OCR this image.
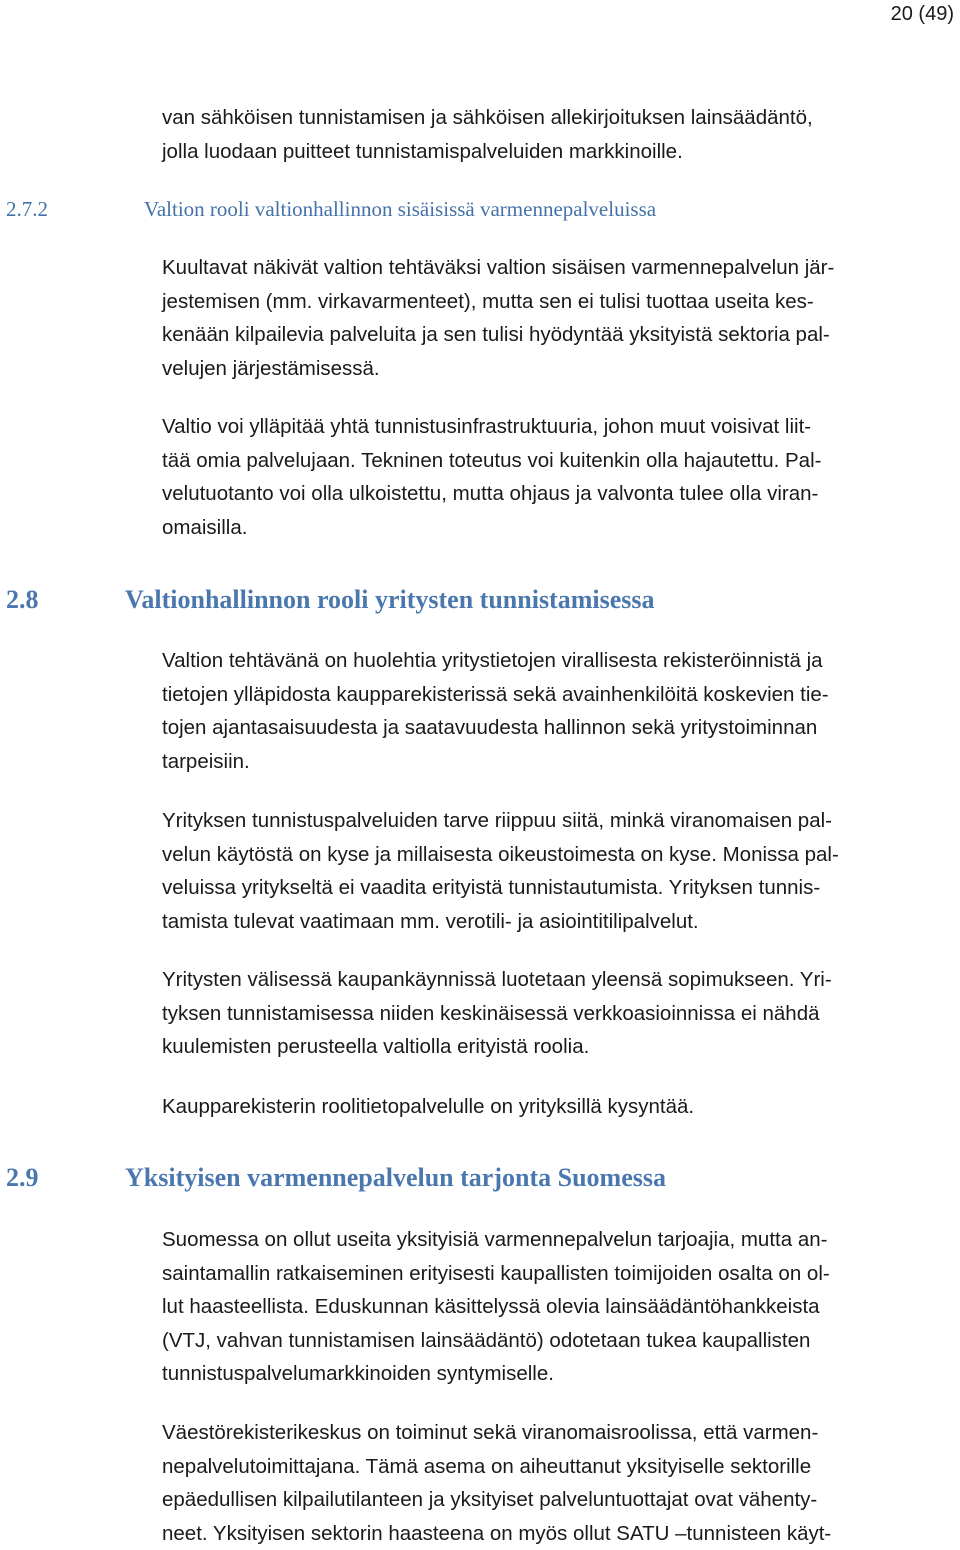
20 (49)

van sähköisen tunnistamisen ja sähköisen allekirjoituksen lainsäädäntö,
jolla luodaan puitteet tunnistamispalveluiden markkinoille.

2.7.2	Valtion rooli valtionhallinnon sisäisissä varmennepalveluissa

Kuultavat näkivät valtion tehtäväksi valtion sisäisen varmennepalvelun jär-
jestemisen (mm. virkavarmenteet), mutta sen ei tulisi tuottaa useita kes-
kenään kilpailevia palveluita ja sen tulisi hyödyntää yksityistä sektoria pal-
velujen järjestämisessä.

Valtio voi ylläpitää yhtä tunnistusinfrastruktuuria, johon muut voisivat liit-
tää omia palvelujaan. Tekninen toteutus voi kuitenkin olla hajautettu. Pal-
velutuotanto voi olla ulkoistettu, mutta ohjaus ja valvonta tulee olla viran-
omaisilla.

2.8	Valtionhallinnon rooli yritysten tunnistamisessa

Valtion tehtävänä on huolehtia yritystietojen virallisesta rekisteröinnistä ja
tietojen ylläpidosta kaupparekisterissä sekä avainhenkilöitä koskevien tie-
tojen ajantasaisuudesta ja saatavuudesta hallinnon sekä yritystoiminnan
tarpeisiin.

Yrityksen tunnistuspalveluiden tarve riippuu siitä, minkä viranomaisen pal-
velun käytöstä on kyse ja millaisesta oikeustoimesta on kyse. Monissa pal-
veluissa yritykseltä ei vaadita erityistä tunnistautumista. Yrityksen tunnis-
tamista tulevat vaatimaan mm. verotili- ja asiointitilipalvelut.

Yritysten välisessä kaupankäynnissä luotetaan yleensä sopimukseen. Yri-
tyksen tunnistamisessa niiden keskinäisessä verkkoasioinnissa ei nähdä
kuulemisten perusteella valtiolla erityistä roolia.

Kaupparekisterin roolitietopalvelulle on yrityksillä kysyntää.

2.9	Yksityisen varmennepalvelun tarjonta Suomessa

Suomessa on ollut useita yksityisiä varmennepalvelun tarjoajia, mutta an-
saintamallin ratkaiseminen erityisesti kaupallisten toimijoiden osalta on ol-
lut haasteellista. Eduskunnan käsittelyssä olevia lainsäädäntöhankkeista
(VTJ, vahvan tunnistamisen lainsäädäntö) odotetaan tukea kaupallisten
tunnistuspalvelumarkkinoiden syntymiselle.

Väestörekisterikeskus on toiminut sekä viranomaisroolissa, että varmen-
nepalvelutoimittajana. Tämä asema on aiheuttanut yksityiselle sektorille
epäedullisen kilpailutilanteen ja yksityiset palveluntuottajat ovat vähenty-
neet. Yksityisen sektorin haasteena on myös ollut SATU –tunnisteen käyt-
